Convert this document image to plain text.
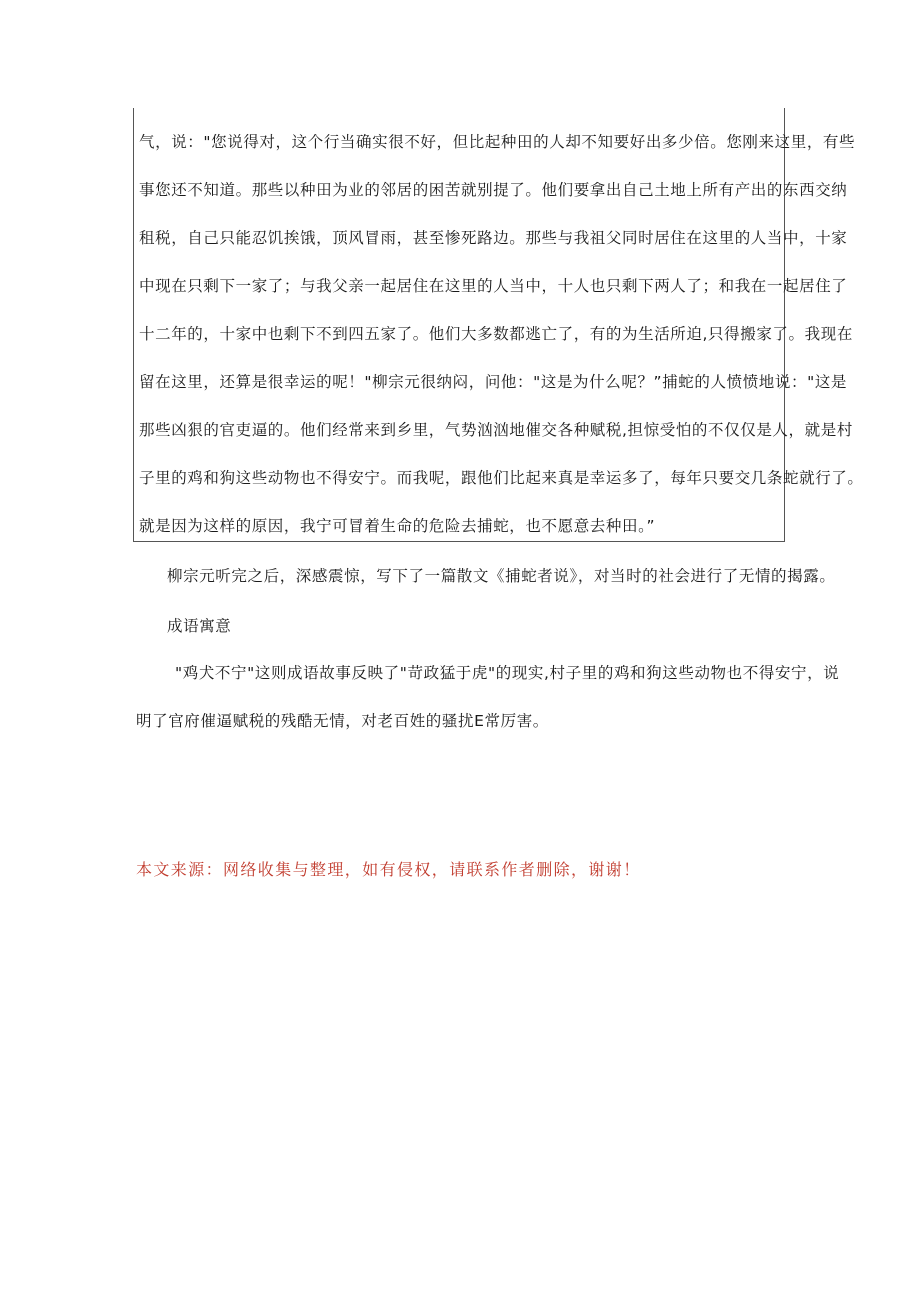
气，说："您说得对，这个行当确实很不好，但比起种田的人却不知要好出多少倍。您刚来这里，有些
事您还不知道。那些以种田为业的邻居的困苦就别提了。他们要拿出自己土地上所有产出的东西交纳
租税，自己只能忍饥挨饿，顶风冒雨，甚至惨死路边。那些与我祖父同时居住在这里的人当中，十家
中现在只剩下一家了；与我父亲一起居住在这里的人当中，十人也只剩下两人了；和我在一起居住了
十二年的，十家中也剩下不到四五家了。他们大多数都逃亡了，有的为生活所迫,只得搬家了。我现在
留在这里，还算是很幸运的呢！"柳宗元很纳闷，问他："这是为什么呢？”捕蛇的人愤愤地说："这是
那些凶狠的官吏逼的。他们经常来到乡里，气势汹汹地催交各种赋税,担惊受怕的不仅仅是人，就是村
子里的鸡和狗这些动物也不得安宁。而我呢，跟他们比起来真是幸运多了，每年只要交几条蛇就行了。
就是因为这样的原因，我宁可冒着生命的危险去捕蛇，也不愿意去种田。”
柳宗元听完之后，深感震惊，写下了一篇散文《捕蛇者说》，对当时的社会进行了无情的揭露。
成语寓意
"鸡犬不宁"这则成语故事反映了"苛政猛于虎"的现实,村子里的鸡和狗这些动物也不得安宁，说
明了官府催逼赋税的残酷无情，对老百姓的骚扰E常厉害。
本文来源：网络收集与整理，如有侵权，请联系作者删除，谢谢！
